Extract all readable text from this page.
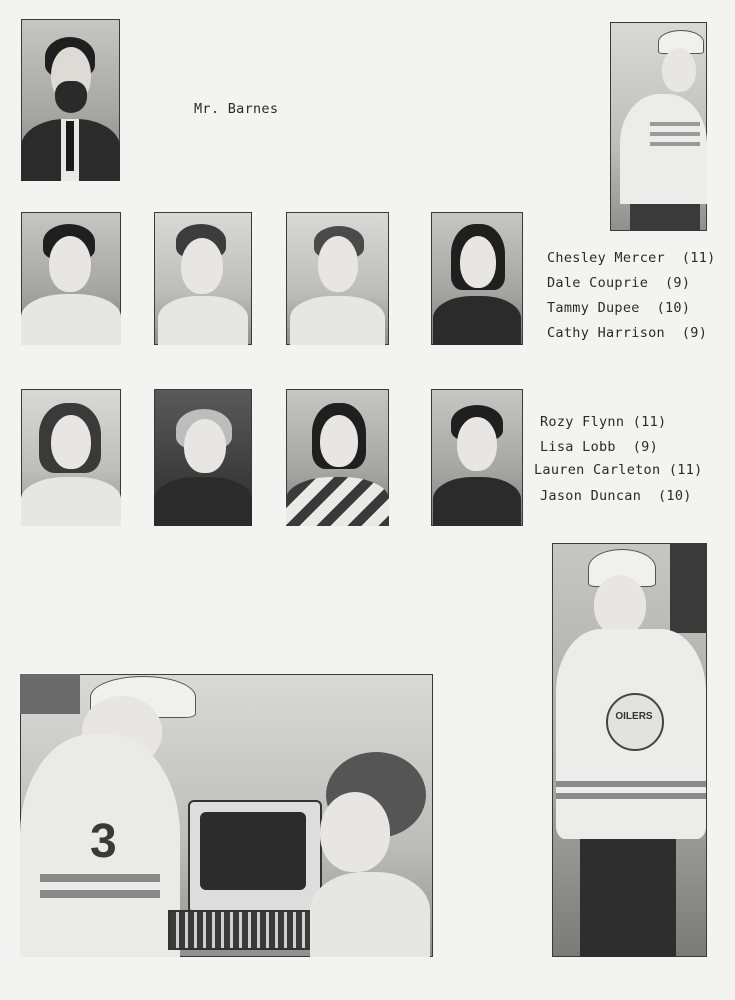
Mr. Barnes
Chesley Mercer (11)
Dale Couprie (9)
Tammy Dupee (10)
Cathy Harrison (9)
Rozy Flynn (11)
Lisa Lobb (9)
Lauren Carleton (11)
Jason Duncan (10)
3
OILERS
